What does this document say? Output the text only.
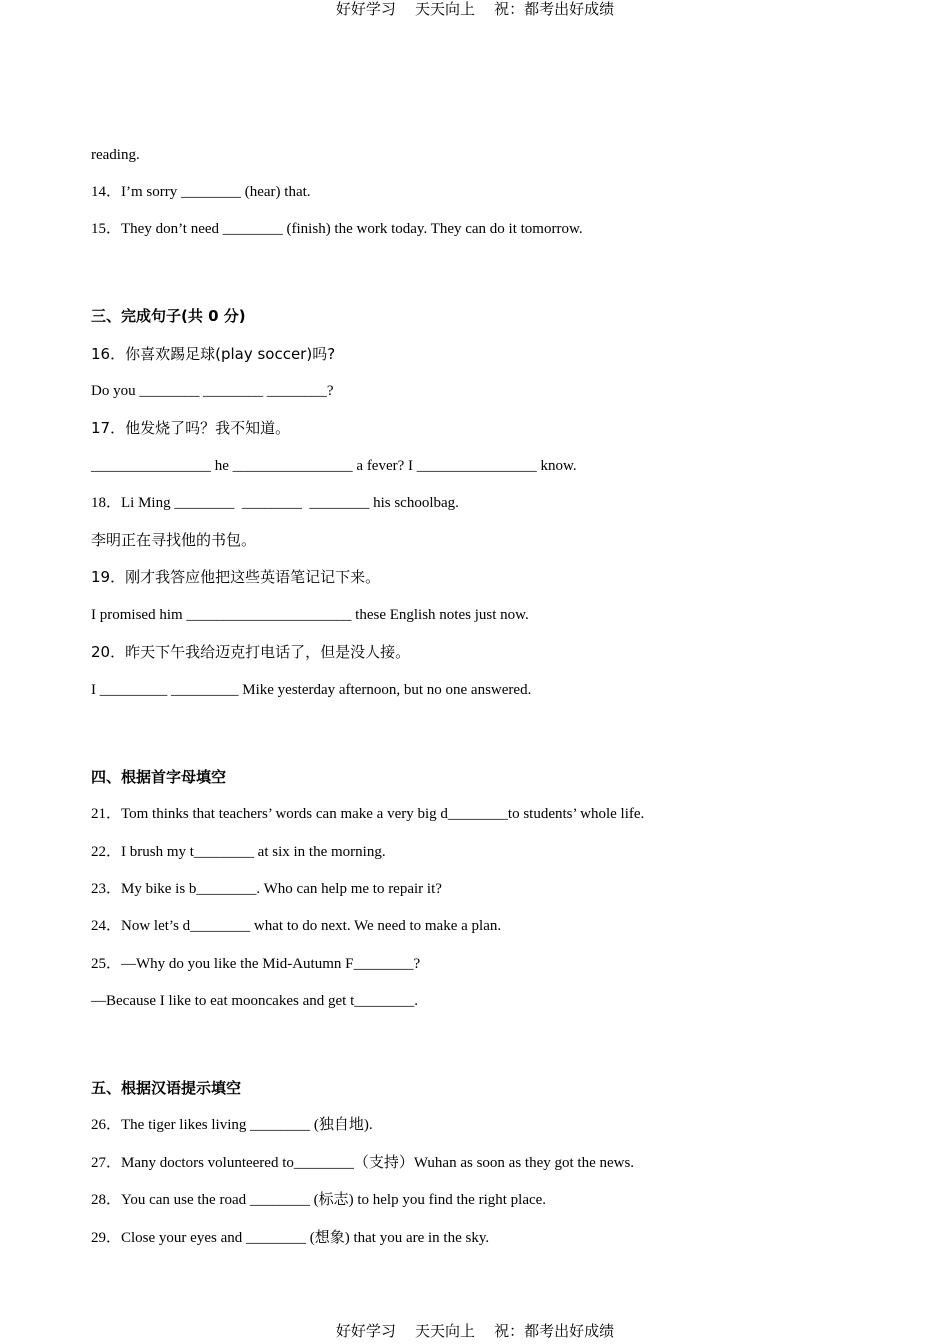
好好学习    天天向上    祝：都考出好成绩
reading.
14．I’m sorry ________ (hear) that.
15．They don’t need ________ (finish) the work today. They can do it tomorrow.
三、完成句子(共 0 分)
16．你喜欢踢足球(play soccer)吗?
Do you ________ ________ ________?
17．他发烧了吗？我不知道。
________________ he ________________ a fever? I ________________ know.
18．Li Ming ________  ________  ________ his schoolbag.
李明正在寻找他的书包。
19．刚才我答应他把这些英语笔记记下来。
I promised him ______________________ these English notes just now.
20．昨天下午我给迈克打电话了，但是没人接。
I _________ _________ Mike yesterday afternoon, but no one answered.
四、根据首字母填空
21．Tom thinks that teachers’ words can make a very big d________to students’ whole life.
22．I brush my t________ at six in the morning.
23．My bike is b________. Who can help me to repair it?
24．Now let’s d________ what to do next. We need to make a plan.
25．—Why do you like the Mid-Autumn F________?
—Because I like to eat mooncakes and get t________.
五、根据汉语提示填空
26．The tiger likes living ________ (独自地).
27．Many doctors volunteered to________（支持）Wuhan as soon as they got the news.
28．You can use the road ________ (标志) to help you find the right place.
29．Close your eyes and ________ (想象) that you are in the sky.
好好学习    天天向上    祝：都考出好成绩
